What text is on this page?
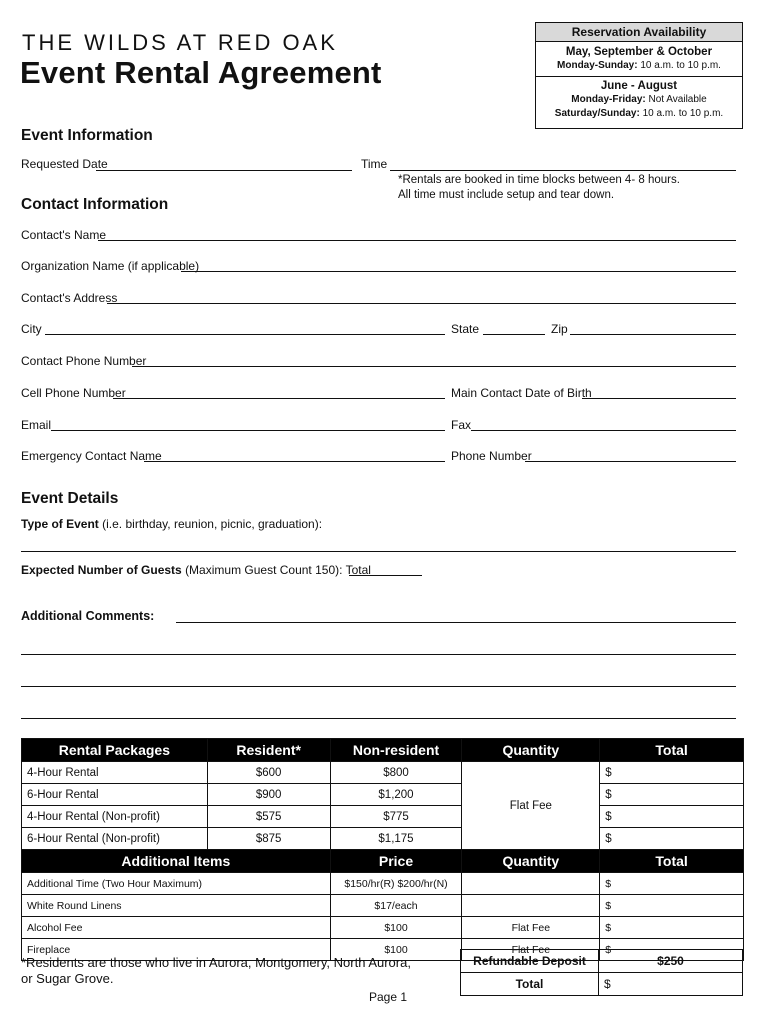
THE WILDS AT RED OAK
Event Rental Agreement
Reservation Availability
May, September & October
Monday-Sunday: 10 a.m. to 10 p.m.
June - August
Monday-Friday: Not Available
Saturday/Sunday: 10 a.m. to 10 p.m.
Event Information
Requested Date	Time
*Rentals are booked in time blocks between 4- 8 hours.
All time must include setup and tear down.
Contact Information
Contact's Name
Organization Name (if applicable)
Contact's Address
City	State	Zip
Contact Phone Number
Cell Phone Number	Main Contact Date of Birth
Email	Fax
Emergency Contact Name	Phone Number
Event Details
Type of Event (i.e. birthday, reunion, picnic, graduation):
Expected Number of Guests (Maximum Guest Count 150): Total
Additional Comments:
Rental Packages	Resident*	Non-resident	Quantity	Total
4-Hour Rental	$600	$800	Flat Fee	$
6-Hour Rental	$900	$1,200		$
4-Hour Rental (Non-profit)	$575	$775		$
6-Hour Rental (Non-profit)	$875	$1,175		$
Additional Items		Price	Quantity	Total
Additional Time (Two Hour Maximum)		$150/hr(R) $200/hr(N)		$
White Round Linens		$17/each		$
Alcohol Fee		$100	Flat Fee	$
Fireplace		$100	Flat Fee	$
Refundable Deposit	$250
Total	$
*Residents are those who live in Aurora, Montgomery, North Aurora,
or Sugar Grove.
Page 1
